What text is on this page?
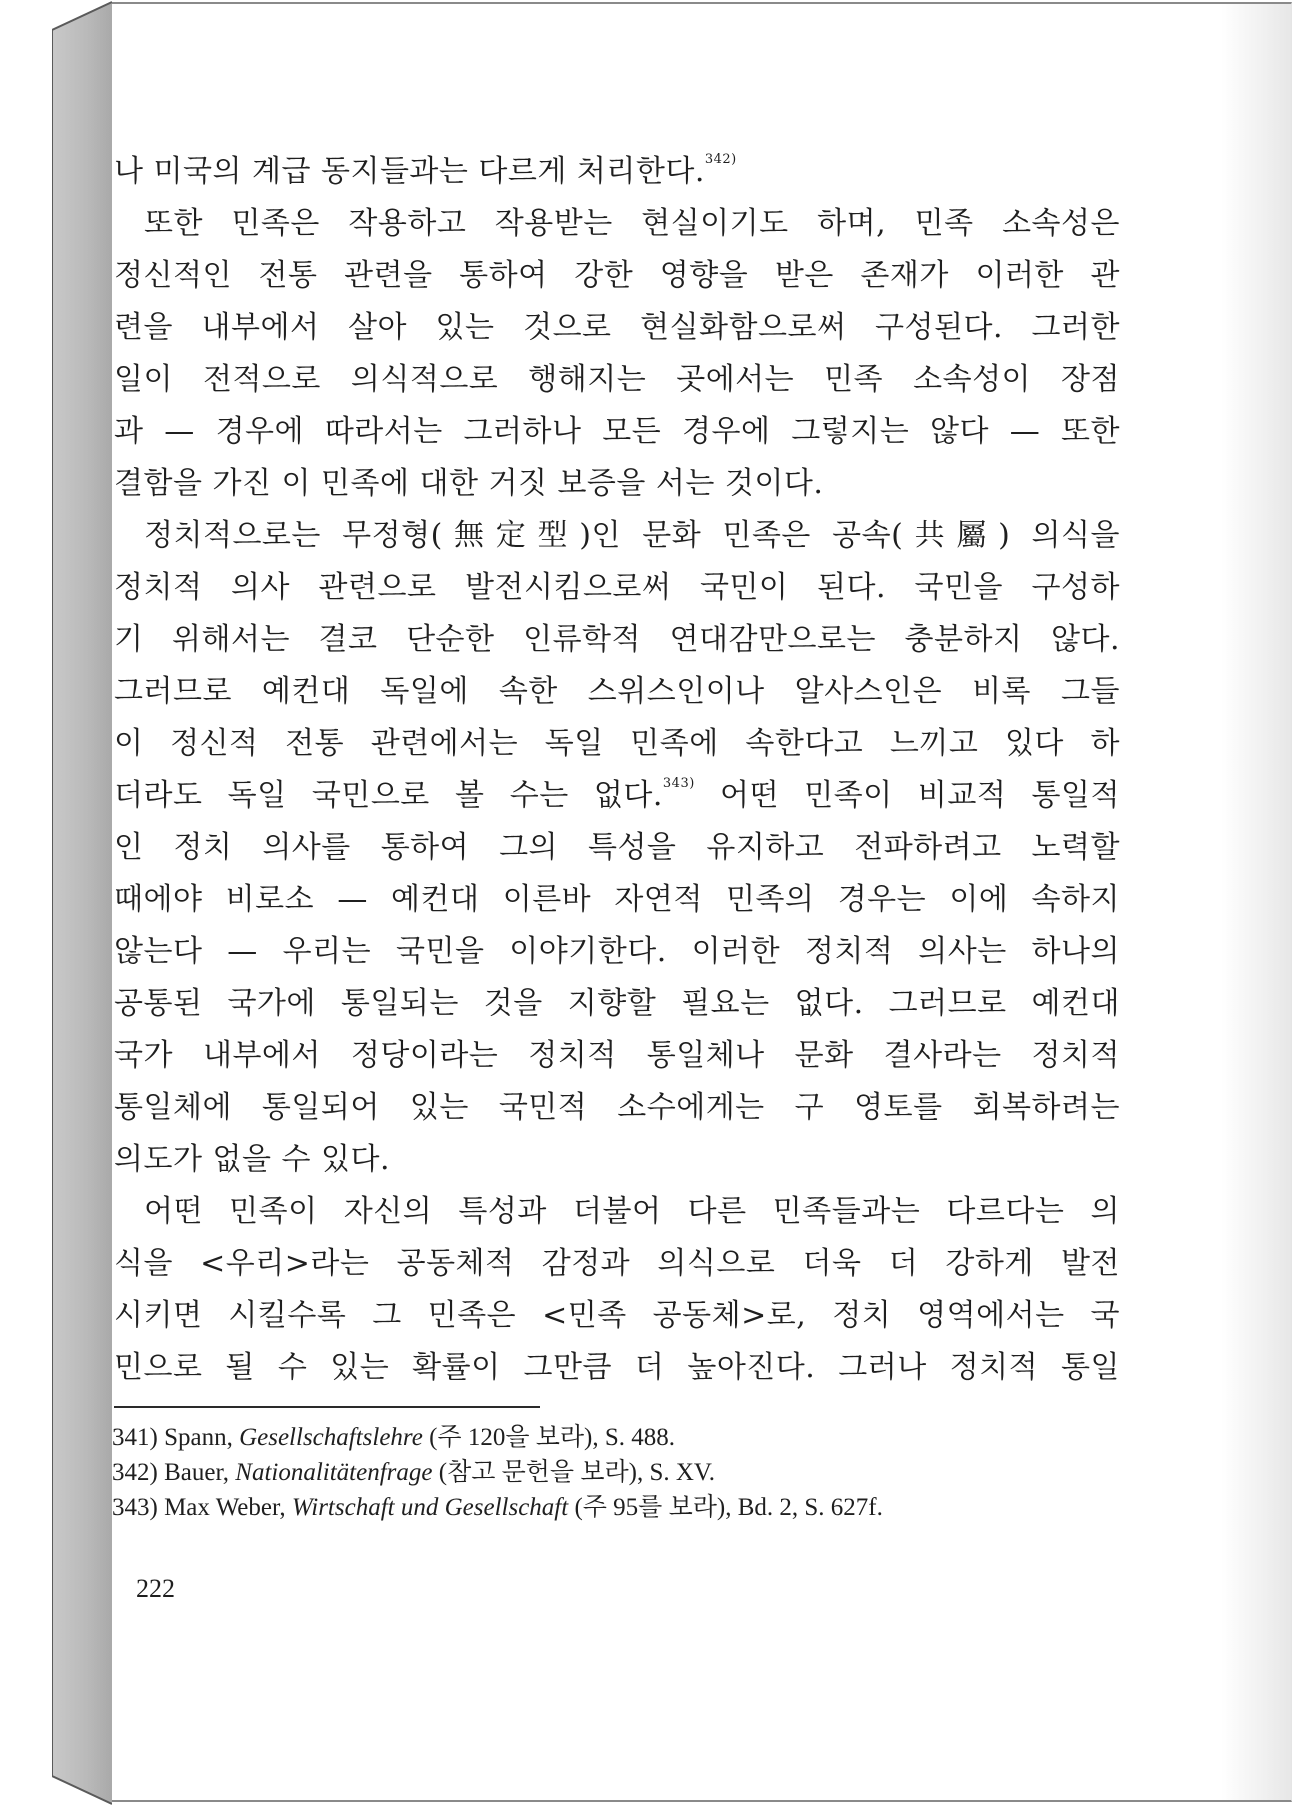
나 미국의 계급 동지들과는 다르게 처리한다.$^{342)}$
또한 민족은 작용하고 작용받는 현실이기도 하며, 민족 소속성은
정신적인 전통 관련을 통하여 강한 영향을 받은 존재가 이러한 관
련을 내부에서 살아 있는 것으로 현실화함으로써 구성된다. 그러한
일이 전적으로 의식적으로 행해지는 곳에서는 민족 소속성이 장점
과 — 경우에 따라서는 그러하나 모든 경우에 그렇지는 않다 — 또한
결함을 가진 이 민족에 대한 거짓 보증을 서는 것이다.
정치적으로는 무정형(無定型)인 문화 민족은 공속(共屬) 의식을
정치적 의사 관련으로 발전시킴으로써 국민이 된다. 국민을 구성하
기 위해서는 결코 단순한 인류학적 연대감만으로는 충분하지 않다.
그러므로 예컨대 독일에 속한 스위스인이나 알사스인은 비록 그들
이 정신적 전통 관련에서는 독일 민족에 속한다고 느끼고 있다 하
더라도 독일 국민으로 볼 수는 없다.$^{343)}$ 어떤 민족이 비교적 통일적
인 정치 의사를 통하여 그의 특성을 유지하고 전파하려고 노력할
때에야 비로소 — 예컨대 이른바 자연적 민족의 경우는 이에 속하지
않는다 — 우리는 국민을 이야기한다. 이러한 정치적 의사는 하나의
공통된 국가에 통일되는 것을 지향할 필요는 없다. 그러므로 예컨대
국가 내부에서 정당이라는 정치적 통일체나 문화 결사라는 정치적
통일체에 통일되어 있는 국민적 소수에게는 구 영토를 회복하려는
의도가 없을 수 있다.
어떤 민족이 자신의 특성과 더불어 다른 민족들과는 다르다는 의
식을 <우리>라는 공동체적 감정과 의식으로 더욱 더 강하게 발전
시키면 시킬수록 그 민족은 <민족 공동체>로, 정치 영역에서는 국
민으로 될 수 있는 확률이 그만큼 더 높아진다. 그러나 정치적 통일
341) Spann, Gesellschaftslehre (주 120을 보라), S. 488.
342) Bauer, Nationalitätenfrage (참고 문헌을 보라), S. XV.
343) Max Weber, Wirtschaft und Gesellschaft (주 95를 보라), Bd. 2, S. 627f.
222
